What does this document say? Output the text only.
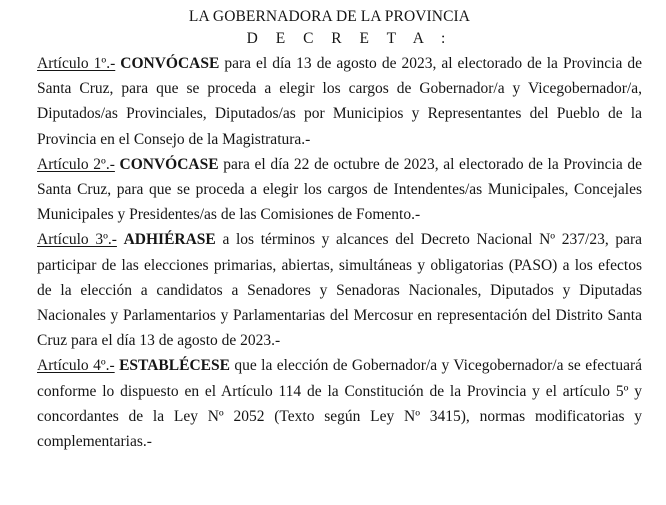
LA GOBERNADORA DE LA PROVINCIA
D E C R E T A :

Artículo 1º.- CONVÓCASE para el día 13 de agosto de 2023, al electorado de la Provincia de Santa Cruz, para que se proceda a elegir los cargos de Gobernador/a y Vicegobernador/a, Diputados/as Provinciales, Diputados/as por Municipios y Representantes del Pueblo de la Provincia en el Consejo de la Magistratura.-

Artículo 2º.- CONVÓCASE para el día 22 de octubre de 2023, al electorado de la Provincia de Santa Cruz, para que se proceda a elegir los cargos de Intendentes/as Municipales, Concejales Municipales y Presidentes/as de las Comisiones de Fomento.-

Artículo 3º.- ADHIÉRASE a los términos y alcances del Decreto Nacional Nº 237/23, para participar de las elecciones primarias, abiertas, simultáneas y obligatorias (PASO) a los efectos de la elección a candidatos a Senadores y Senadoras Nacionales, Diputados y Diputadas Nacionales y Parlamentarios y Parlamentarias del Mercosur en representación del Distrito Santa Cruz para el día 13 de agosto de 2023.-

Artículo 4º.- ESTABLÉCESE que la elección de Gobernador/a y Vicegobernador/a se efectuará conforme lo dispuesto en el Artículo 114 de la Constitución de la Provincia y el artículo 5º y concordantes de la Ley Nº 2052 (Texto según Ley Nº 3415), normas modificatorias y complementarias.-
